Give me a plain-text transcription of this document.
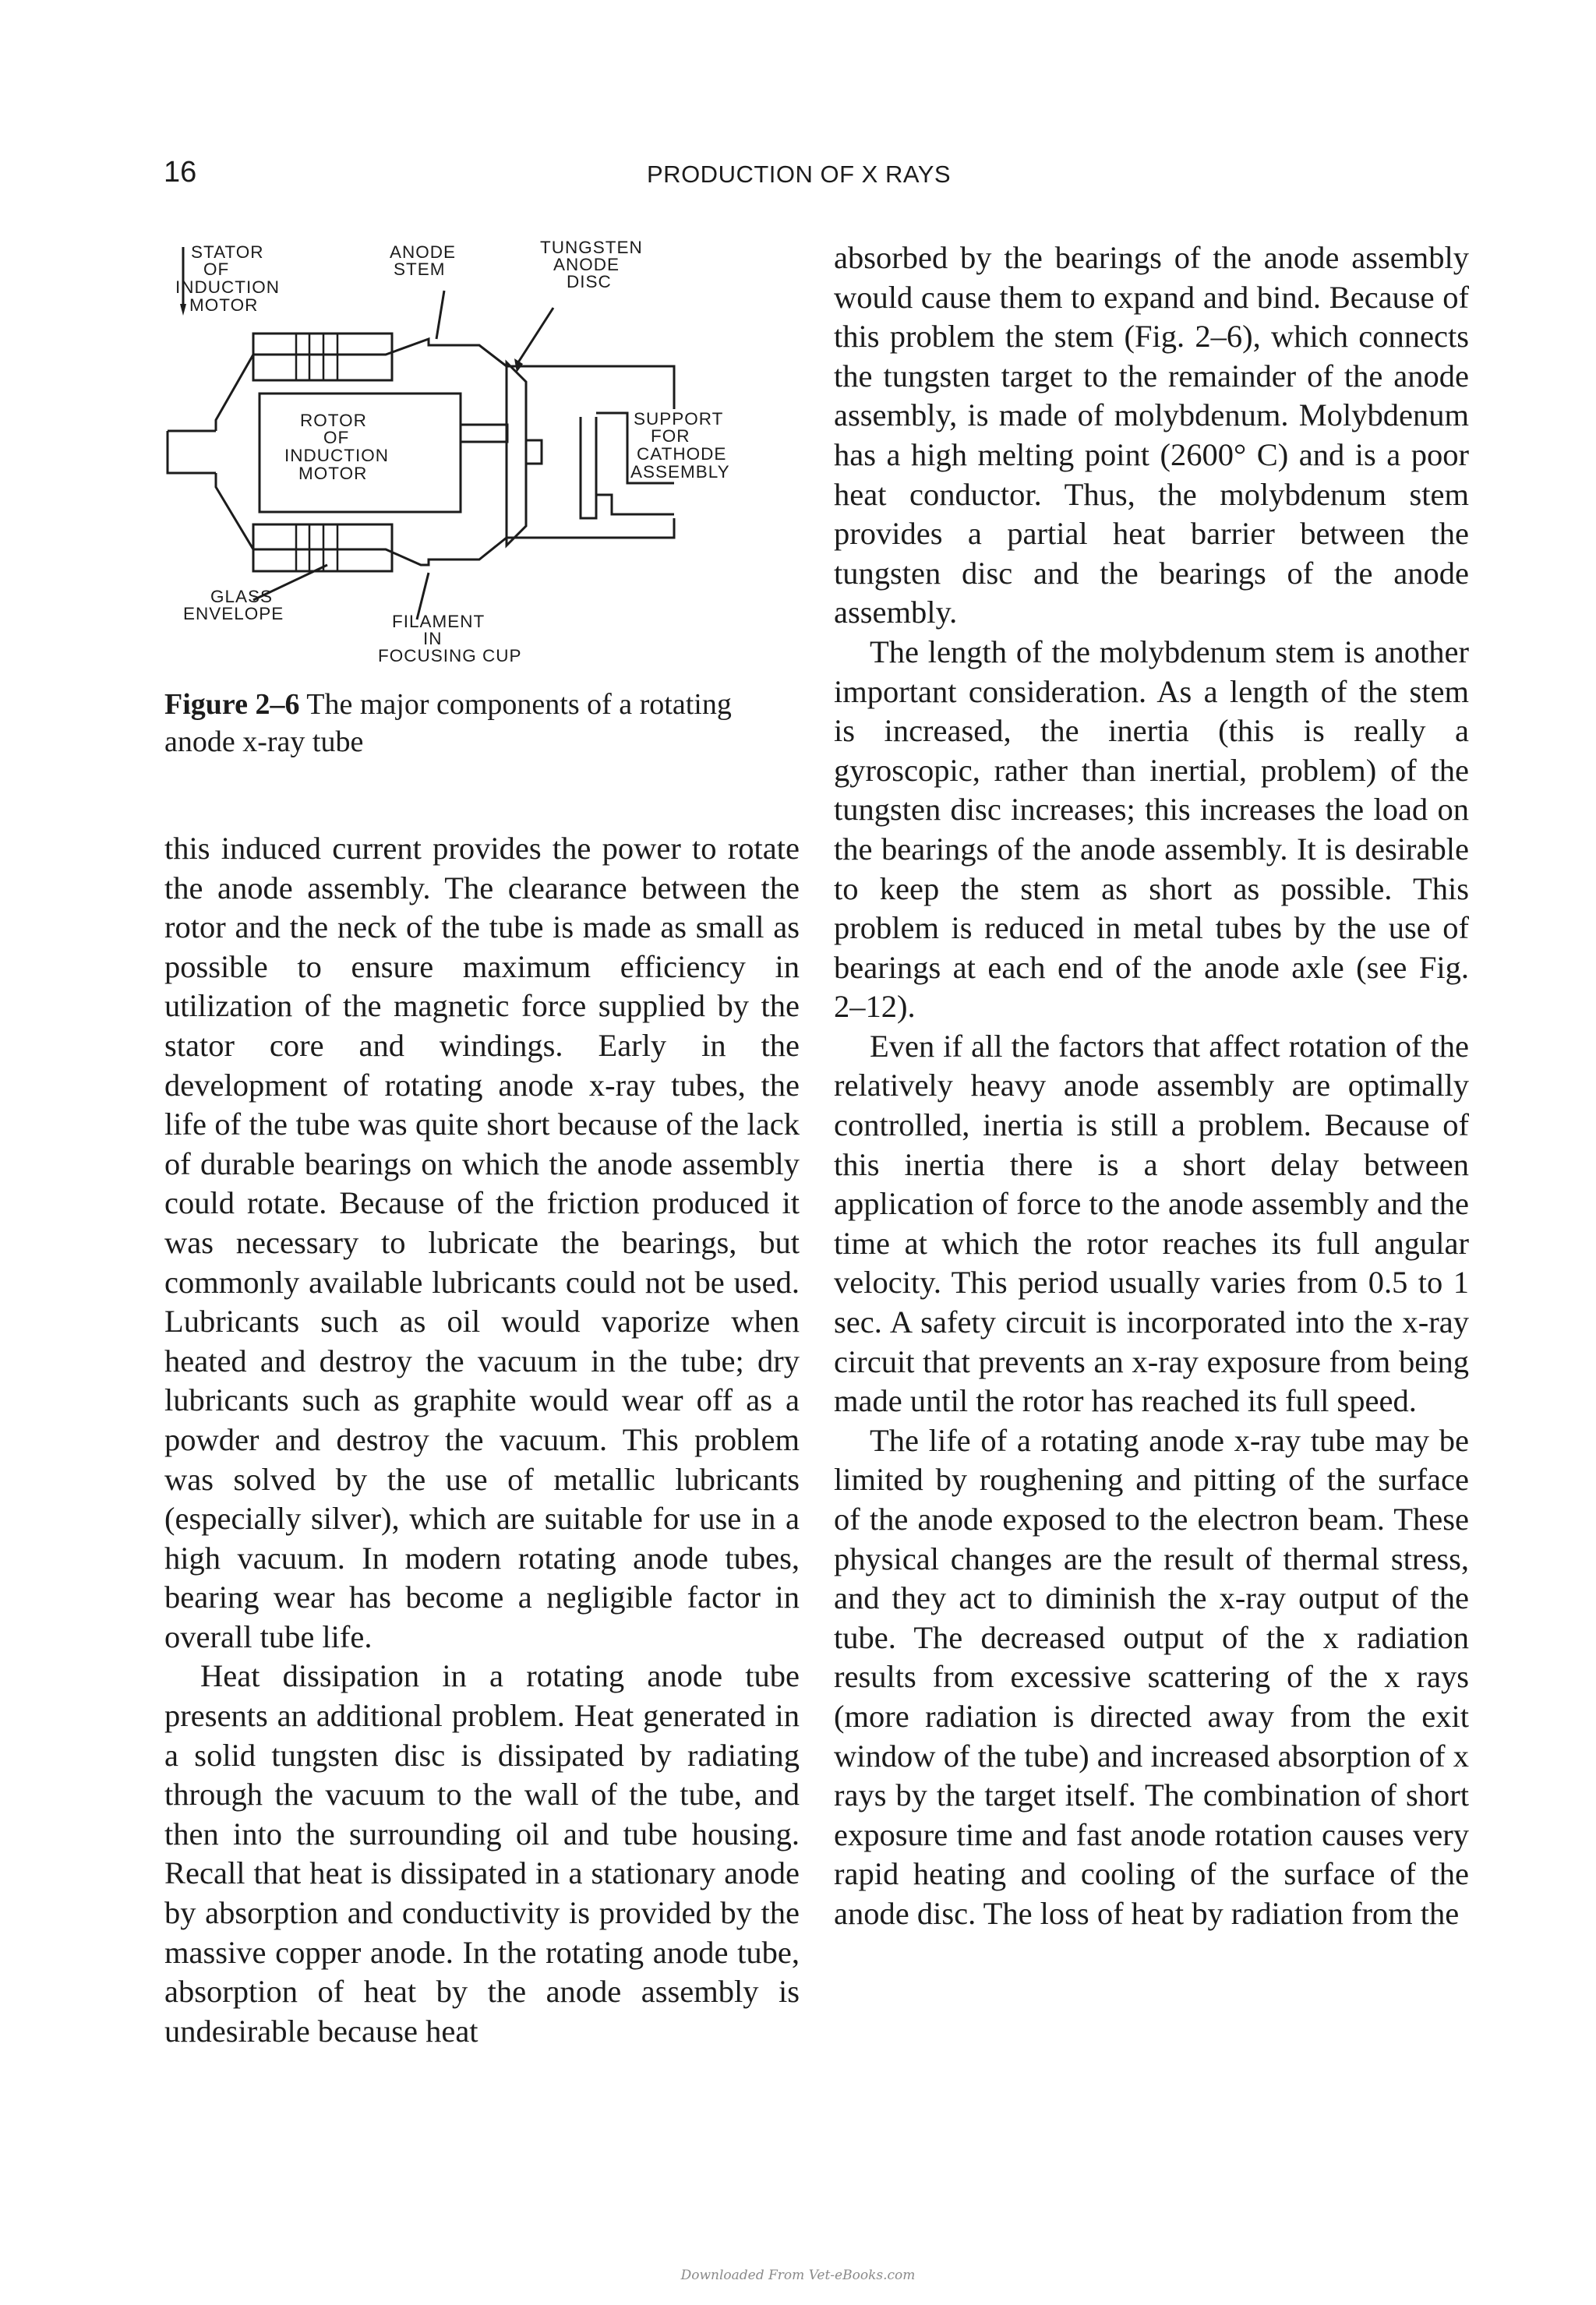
16	PRODUCTION OF X RAYS
STATOR
OF
INDUCTION
MOTOR
ANODE
STEM
TUNGSTEN
ANODE
DISC
ROTOR
OF
INDUCTION
MOTOR
SUPPORT
FOR
CATHODE
ASSEMBLY
GLASS
ENVELOPE	FILAMENT
IN
FOCUSING CUP
Figure 2–6 The major components of a rotating anode x-ray tube

this induced current provides the power to rotate the anode assembly. The clearance between the rotor and the neck of the tube is made as small as possible to ensure maximum efficiency in utilization of the magnetic force supplied by the stator core and windings. Early in the development of rotating anode x-ray tubes, the life of the tube was quite short because of the lack of durable bearings on which the anode assembly could rotate. Because of the friction produced it was necessary to lubricate the bearings, but commonly available lubricants could not be used. Lubricants such as oil would vaporize when heated and destroy the vacuum in the tube; dry lubricants such as graphite would wear off as a powder and destroy the vacuum. This problem was solved by the use of metallic lubricants (especially silver), which are suitable for use in a high vacuum. In modern rotating anode tubes, bearing wear has become a negligible factor in overall tube life.

Heat dissipation in a rotating anode tube presents an additional problem. Heat generated in a solid tungsten disc is dissipated by radiating through the vacuum to the wall of the tube, and then into the surrounding oil and tube housing. Recall that heat is dissipated in a stationary anode by absorption and conductivity is provided by the massive copper anode. In the rotating anode tube, absorption of heat by the anode assembly is undesirable because heat

absorbed by the bearings of the anode assembly would cause them to expand and bind. Because of this problem the stem (Fig. 2–6), which connects the tungsten target to the remainder of the anode assembly, is made of molybdenum. Molybdenum has a high melting point (2600° C) and is a poor heat conductor. Thus, the molybdenum stem provides a partial heat barrier between the tungsten disc and the bearings of the anode assembly.

The length of the molybdenum stem is another important consideration. As a length of the stem is increased, the inertia (this is really a gyroscopic, rather than inertial, problem) of the tungsten disc increases; this increases the load on the bearings of the anode assembly. It is desirable to keep the stem as short as possible. This problem is reduced in metal tubes by the use of bearings at each end of the anode axle (see Fig. 2–12).

Even if all the factors that affect rotation of the relatively heavy anode assembly are optimally controlled, inertia is still a problem. Because of this inertia there is a short delay between application of force to the anode assembly and the time at which the rotor reaches its full angular velocity. This period usually varies from 0.5 to 1 sec. A safety circuit is incorporated into the x-ray circuit that prevents an x-ray exposure from being made until the rotor has reached its full speed.

The life of a rotating anode x-ray tube may be limited by roughening and pitting of the surface of the anode exposed to the electron beam. These physical changes are the result of thermal stress, and they act to diminish the x-ray output of the tube. The decreased output of the x radiation results from excessive scattering of the x rays (more radiation is directed away from the exit window of the tube) and increased absorption of x rays by the target itself. The combination of short exposure time and fast anode rotation causes very rapid heating and cooling of the surface of the anode disc. The loss of heat by radiation from the

Downloaded From Vet-eBooks.com
